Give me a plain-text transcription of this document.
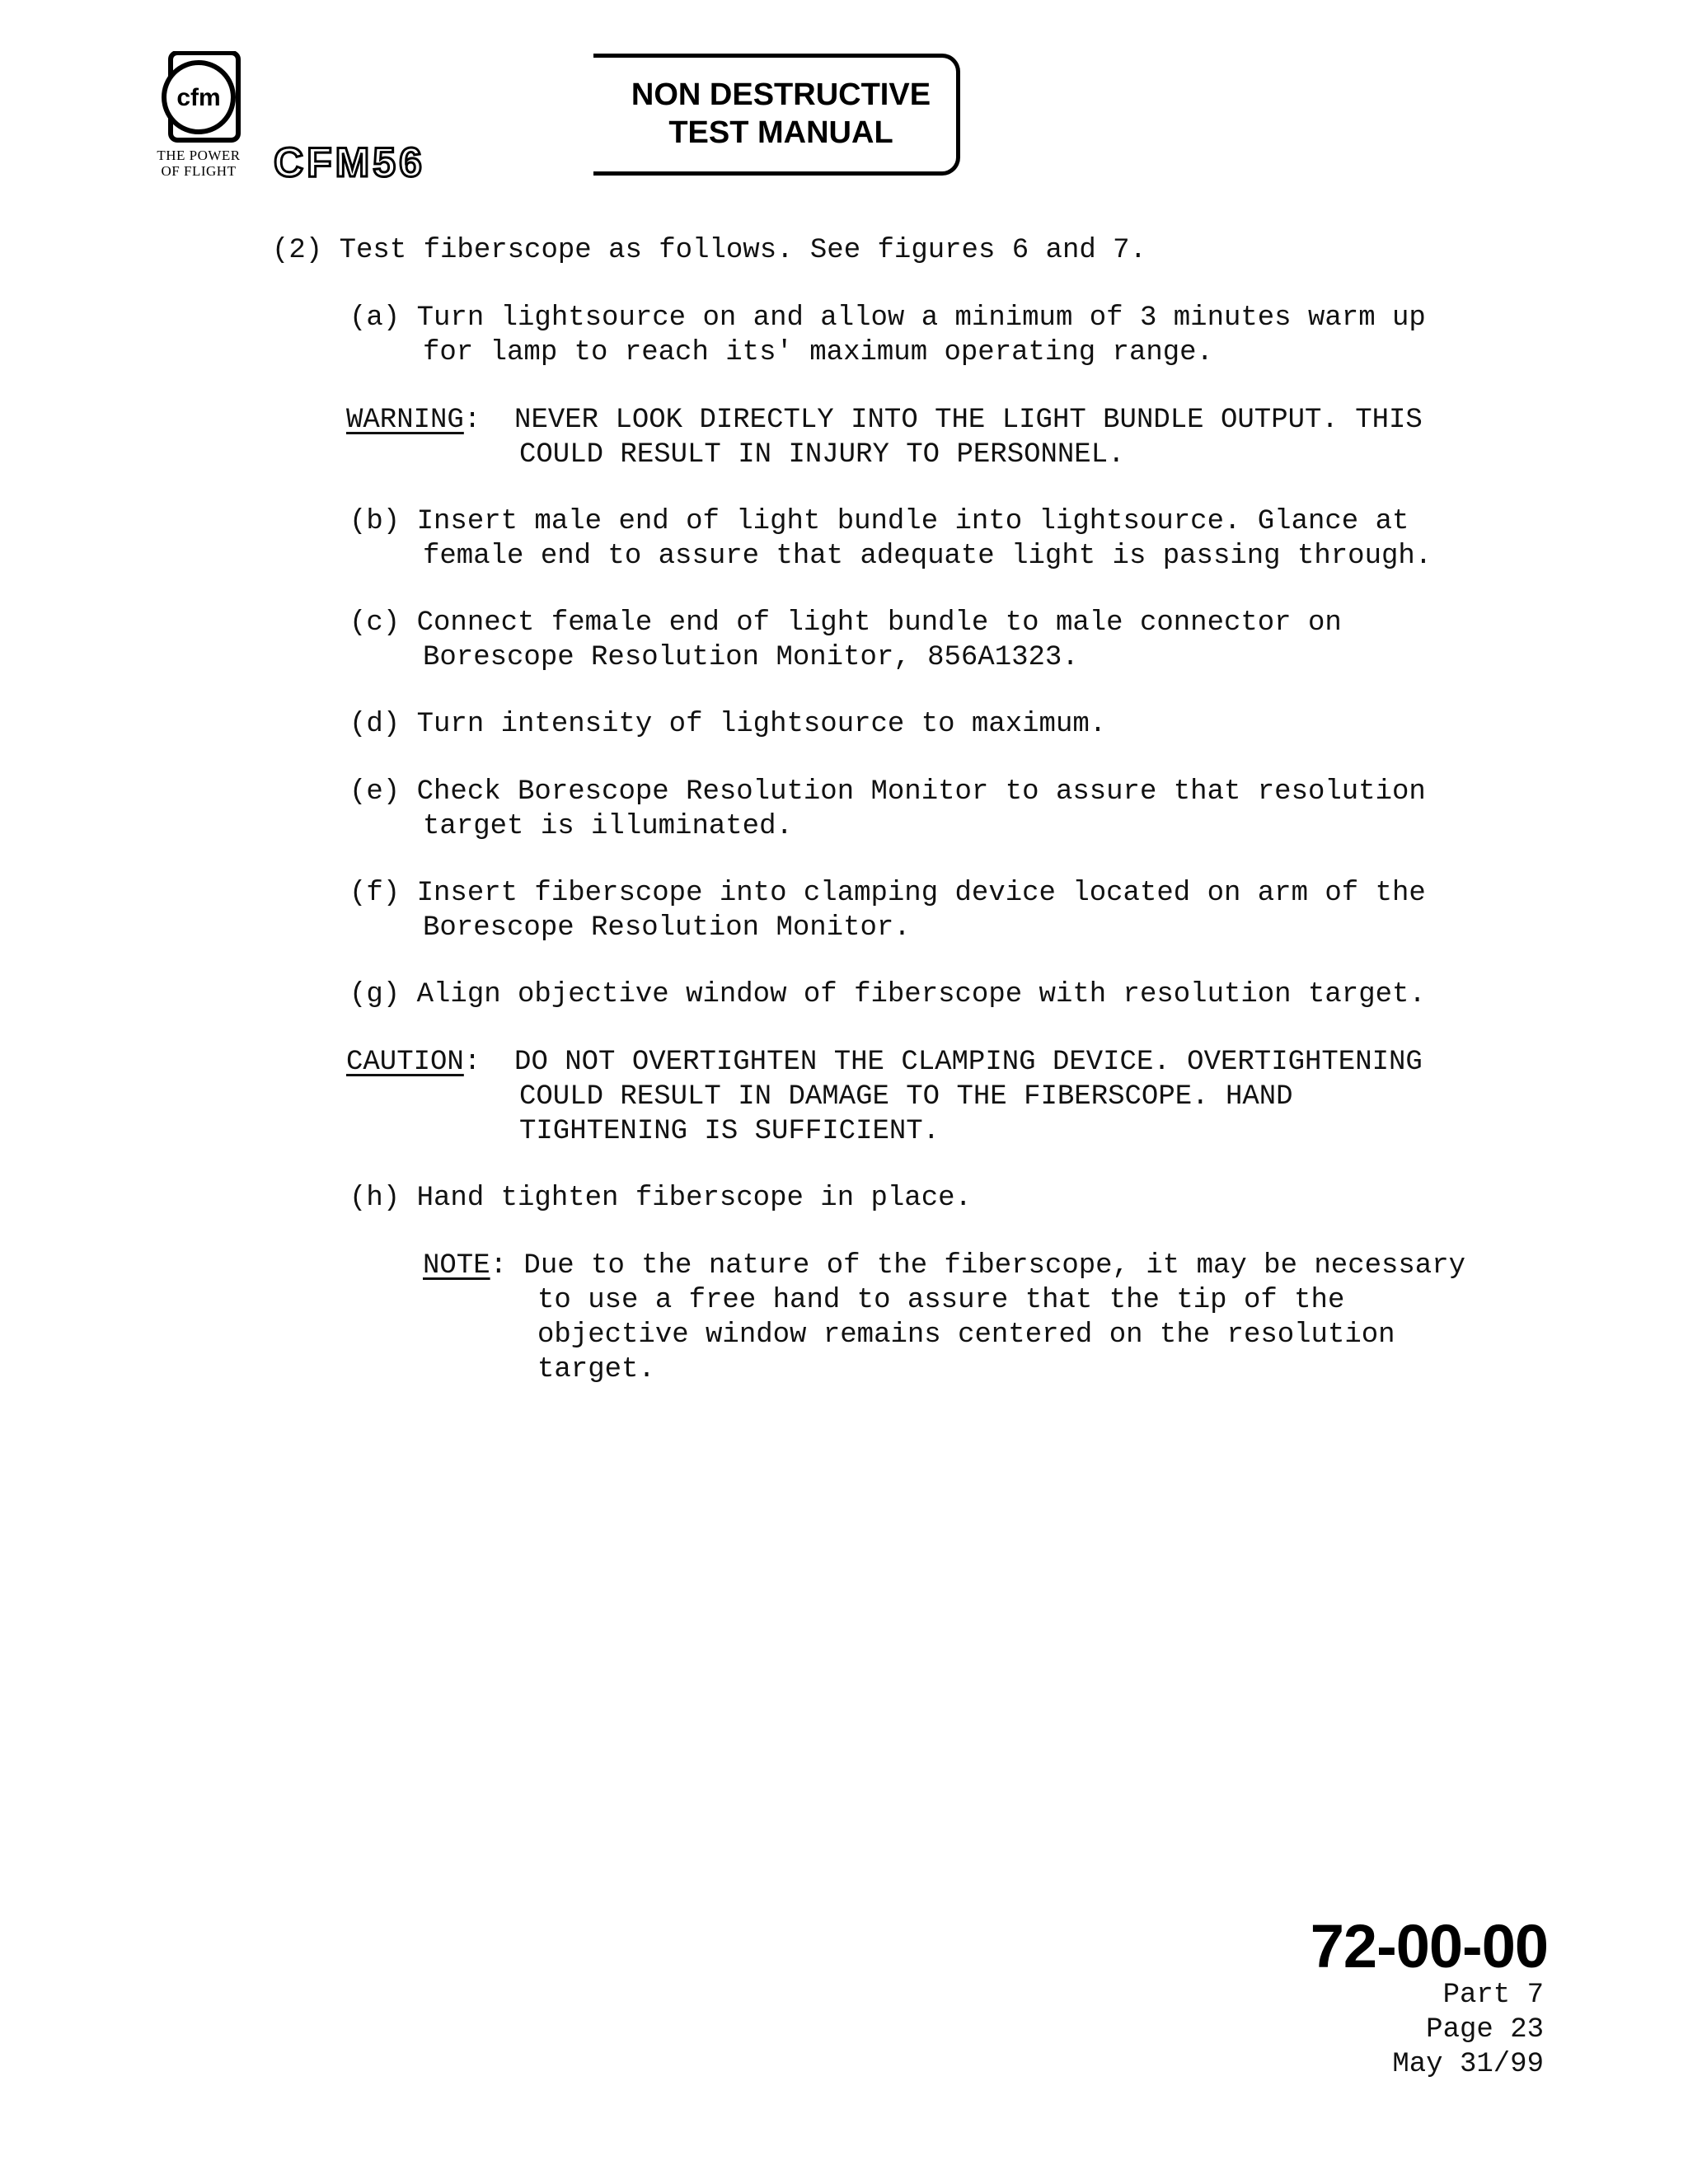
cfm
THE POWER
OF FLIGHT CFM56
NON DESTRUCTIVE
TEST MANUAL
(2) Test fiberscope as follows. See figures 6 and 7.
(a) Turn lightsource on and allow a minimum of 3 minutes warm up
for lamp to reach its' maximum operating range.
WARNING:  NEVER LOOK DIRECTLY INTO THE LIGHT BUNDLE OUTPUT. THIS
COULD RESULT IN INJURY TO PERSONNEL.
(b) Insert male end of light bundle into lightsource. Glance at
female end to assure that adequate light is passing through.
(c) Connect female end of light bundle to male connector on
Borescope Resolution Monitor, 856A1323.
(d) Turn intensity of lightsource to maximum.
(e) Check Borescope Resolution Monitor to assure that resolution
target is illuminated.
(f) Insert fiberscope into clamping device located on arm of the
Borescope Resolution Monitor.
(g) Align objective window of fiberscope with resolution target.
CAUTION:  DO NOT OVERTIGHTEN THE CLAMPING DEVICE. OVERTIGHTENING
COULD RESULT IN DAMAGE TO THE FIBERSCOPE. HAND
TIGHTENING IS SUFFICIENT.
(h) Hand tighten fiberscope in place.
NOTE: Due to the nature of the fiberscope, it may be necessary
to use a free hand to assure that the tip of the
objective window remains centered on the resolution
target.
72-00-00
Part 7
Page 23
May 31/99
